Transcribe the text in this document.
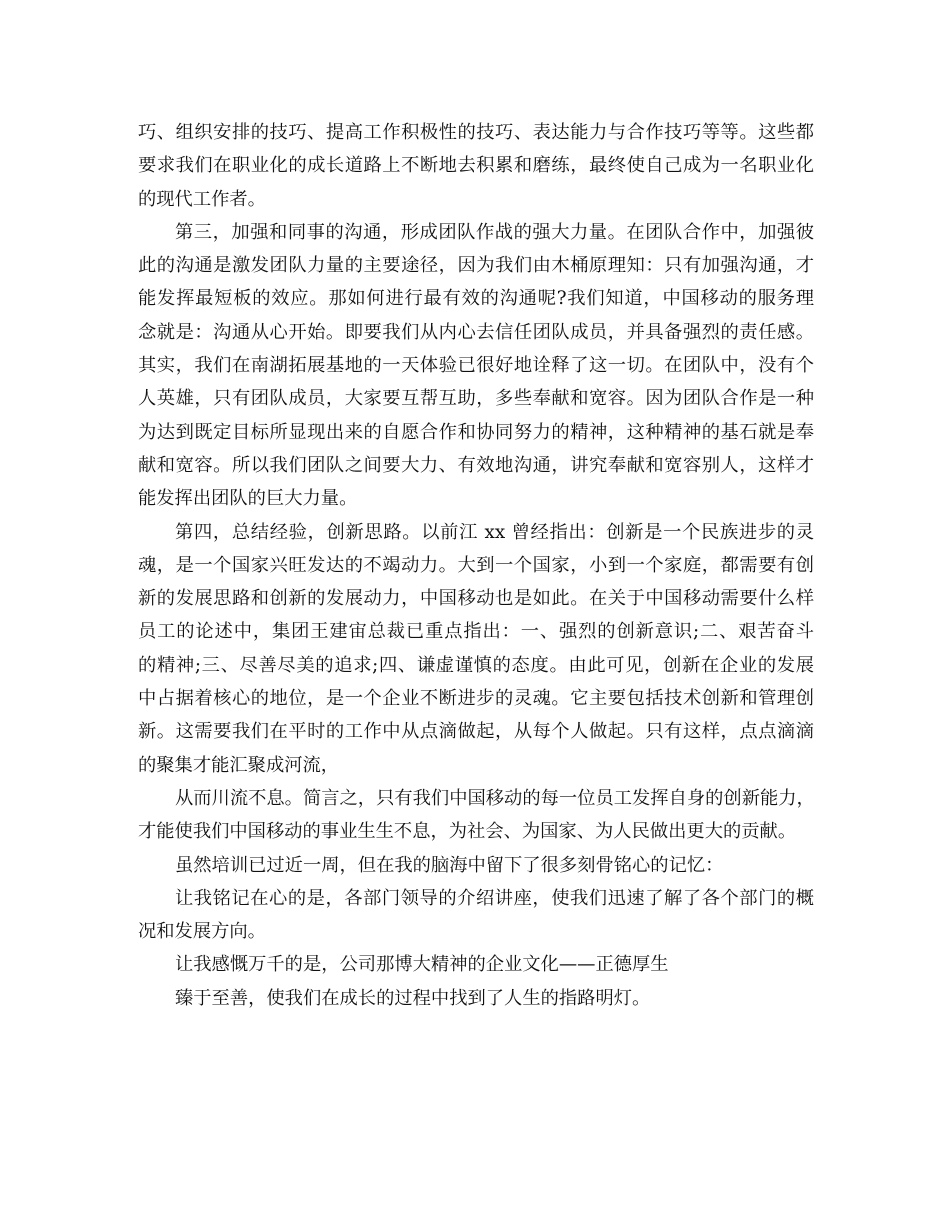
巧、组织安排的技巧、提高工作积极性的技巧、表达能力与合作技巧等等。这些都
要求我们在职业化的成长道路上不断地去积累和磨练，最终使自己成为一名职业化
的现代工作者。
第三，加强和同事的沟通，形成团队作战的强大力量。在团队合作中，加强彼
此的沟通是激发团队力量的主要途径，因为我们由木桶原理知：只有加强沟通，才
能发挥最短板的效应。那如何进行最有效的沟通呢?我们知道，中国移动的服务理
念就是：沟通从心开始。即要我们从内心去信任团队成员，并具备强烈的责任感。
其实，我们在南湖拓展基地的一天体验已很好地诠释了这一切。在团队中，没有个
人英雄，只有团队成员，大家要互帮互助，多些奉献和宽容。因为团队合作是一种
为达到既定目标所显现出来的自愿合作和协同努力的精神，这种精神的基石就是奉
献和宽容。所以我们团队之间要大力、有效地沟通，讲究奉献和宽容别人，这样才
能发挥出团队的巨大力量。
第四，总结经验，创新思路。以前江 xx 曾经指出：创新是一个民族进步的灵
魂，是一个国家兴旺发达的不竭动力。大到一个国家，小到一个家庭，都需要有创
新的发展思路和创新的发展动力，中国移动也是如此。在关于中国移动需要什么样
员工的论述中，集团王建宙总裁已重点指出：一、强烈的创新意识;二、艰苦奋斗
的精神;三、尽善尽美的追求;四、谦虚谨慎的态度。由此可见，创新在企业的发展
中占据着核心的地位，是一个企业不断进步的灵魂。它主要包括技术创新和管理创
新。这需要我们在平时的工作中从点滴做起，从每个人做起。只有这样，点点滴滴
的聚集才能汇聚成河流，
从而川流不息。简言之，只有我们中国移动的每一位员工发挥自身的创新能力，
才能使我们中国移动的事业生生不息，为社会、为国家、为人民做出更大的贡献。
虽然培训已过近一周，但在我的脑海中留下了很多刻骨铭心的记忆：
让我铭记在心的是，各部门领导的介绍讲座，使我们迅速了解了各个部门的概
况和发展方向。
让我感慨万千的是，公司那博大精神的企业文化——正德厚生
臻于至善，使我们在成长的过程中找到了人生的指路明灯。
